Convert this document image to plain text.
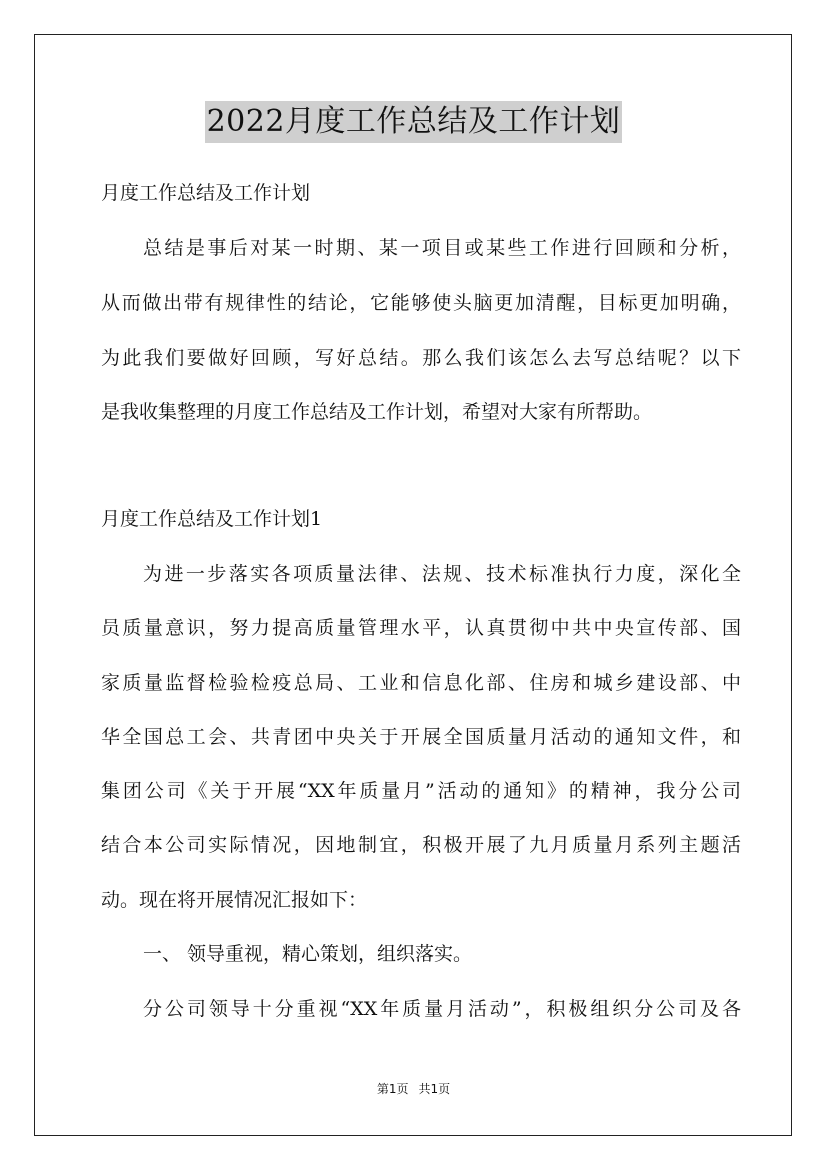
2022月度工作总结及工作计划
月度工作总结及工作计划
总结是事后对某一时期、某一项目或某些工作进行回顾和分析，
从而做出带有规律性的结论，它能够使头脑更加清醒，目标更加明确，
为此我们要做好回顾，写好总结。那么我们该怎么去写总结呢？以下
是我收集整理的月度工作总结及工作计划，希望对大家有所帮助。
月度工作总结及工作计划1
为进一步落实各项质量法律、法规、技术标准执行力度，深化全
员质量意识，努力提高质量管理水平，认真贯彻中共中央宣传部、国
家质量监督检验检疫总局、工业和信息化部、住房和城乡建设部、中
华全国总工会、共青团中央关于开展全国质量月活动的通知文件，和
集团公司《关于开展“XX年质量月”活动的通知》的精神，我分公司
结合本公司实际情况，因地制宜，积极开展了九月质量月系列主题活
动。现在将开展情况汇报如下：
一、 领导重视，精心策划，组织落实。
分公司领导十分重视“XX年质量月活动”，积极组织分公司及各
第1页 共1页
